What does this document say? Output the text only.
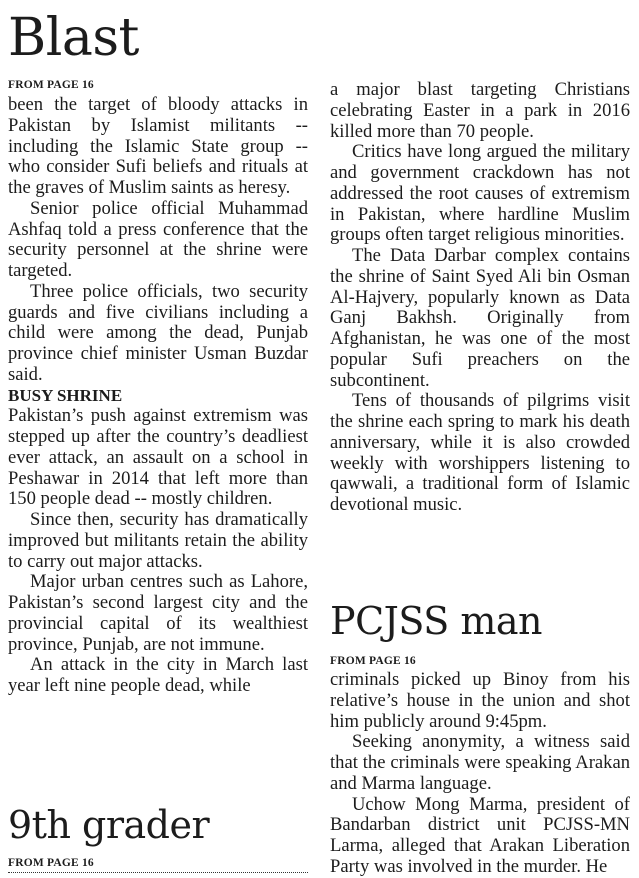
Blast
FROM PAGE 16

been the target of bloody attacks in Pakistan by Islamist militants -- including the Islamic State group -- who consider Sufi beliefs and rituals at the graves of Muslim saints as heresy.

Senior police official Muhammad Ashfaq told a press conference that the security personnel at the shrine were targeted.

Three police officials, two security guards and five civilians including a child were among the dead, Punjab province chief minister Usman Buzdar said.

BUSY SHRINE

Pakistan’s push against extremism was stepped up after the country’s deadliest ever attack, an assault on a school in Peshawar in 2014 that left more than 150 people dead -- mostly children.

Since then, security has dramatically improved but militants retain the ability to carry out major attacks.

Major urban centres such as Lahore, Pakistan’s second largest city and the provincial capital of its wealthiest province, Punjab, are not immune.

An attack in the city in March last year left nine people dead, while

a major blast targeting Christians celebrating Easter in a park in 2016 killed more than 70 people.

Critics have long argued the military and government crackdown has not addressed the root causes of extremism in Pakistan, where hardline Muslim groups often target religious minorities.

The Data Darbar complex contains the shrine of Saint Syed Ali bin Osman Al-Hajvery, popularly known as Data Ganj Bakhsh. Originally from Afghanistan, he was one of the most popular Sufi preachers on the subcontinent.

Tens of thousands of pilgrims visit the shrine each spring to mark his death anniversary, while it is also crowded weekly with worshippers listening to qawwali, a traditional form of Islamic devotional music.

PCJSS man
FROM PAGE 16

criminals picked up Binoy from his relative’s house in the union and shot him publicly around 9:45pm.

Seeking anonymity, a witness said that the criminals were speaking Arakan and Marma language.

Uchow Mong Marma, president of Bandarban district unit PCJSS-MN Larma, alleged that Arakan Liberation Party was involved in the murder. He

9th grader
FROM PAGE 16
